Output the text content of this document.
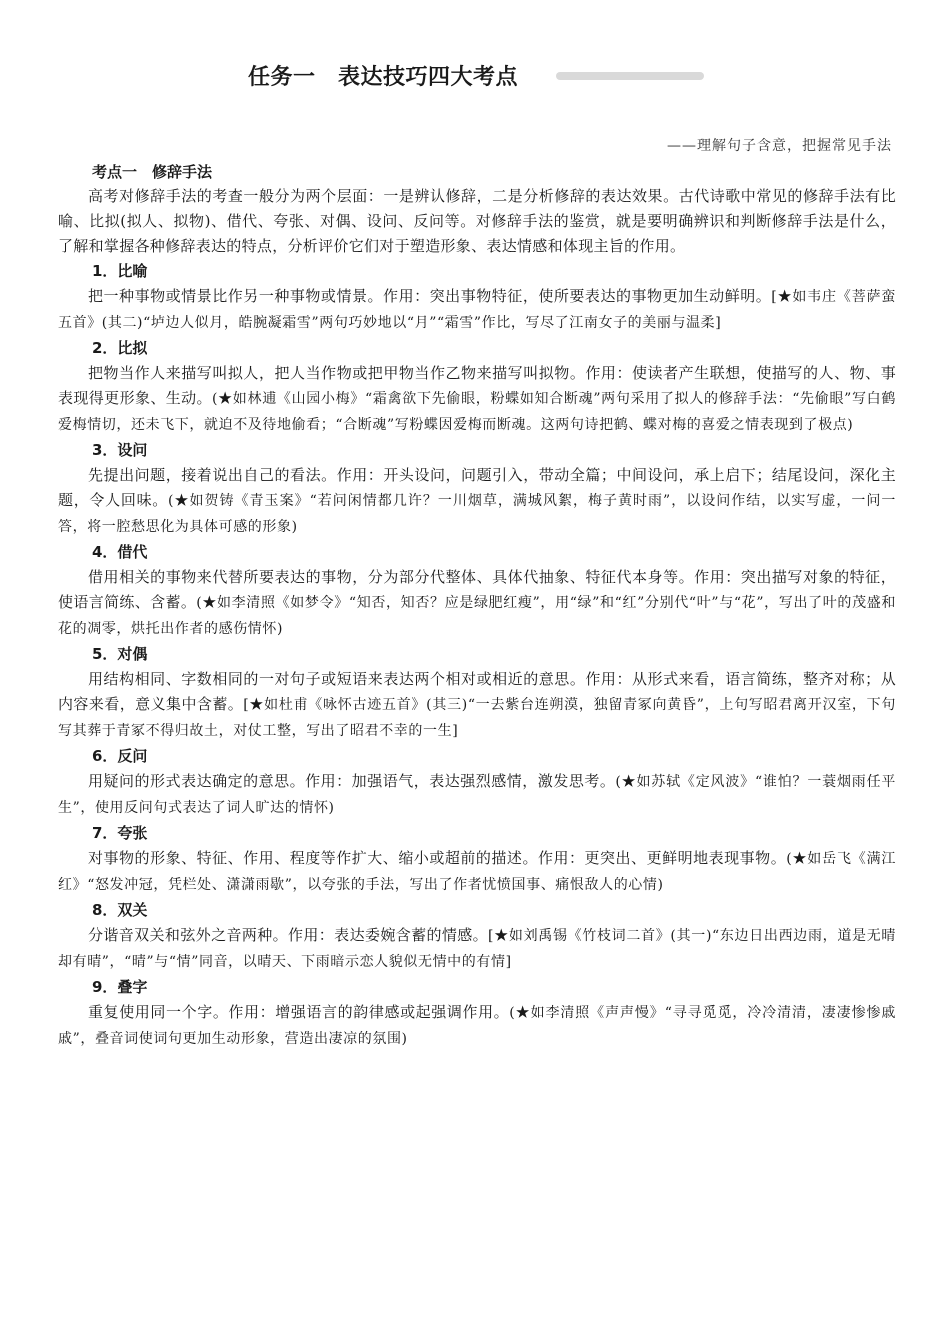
任务一　表达技巧四大考点
——理解句子含意，把握常见手法
考点一　修辞手法

高考对修辞手法的考查一般分为两个层面：一是辨认修辞，二是分析修辞的表达效果。古代诗歌中常见的修辞手法有比喻、比拟(拟人、拟物)、借代、夸张、对偶、设问、反问等。对修辞手法的鉴赏，就是要明确辨识和判断修辞手法是什么，了解和掌握各种修辞表达的特点，分析评价它们对于塑造形象、表达情感和体现主旨的作用。

1．比喻

把一种事物或情景比作另一种事物或情景。作用：突出事物特征，使所要表达的事物更加生动鲜明。[★如韦庄《菩萨蛮五首》(其二)“垆边人似月，皓腕凝霜雪”两句巧妙地以“月”“霜雪”作比，写尽了江南女子的美丽与温柔]

2．比拟

把物当作人来描写叫拟人，把人当作物或把甲物当作乙物来描写叫拟物。作用：使读者产生联想，使描写的人、物、事表现得更形象、生动。(★如林逋《山园小梅》“霜禽欲下先偷眼，粉蝶如知合断魂”两句采用了拟人的修辞手法：“先偷眼”写白鹤爱梅情切，还未飞下，就迫不及待地偷看；“合断魂”写粉蝶因爱梅而断魂。这两句诗把鹤、蝶对梅的喜爱之情表现到了极点)

3．设问

先提出问题，接着说出自己的看法。作用：开头设问，问题引入，带动全篇；中间设问，承上启下；结尾设问，深化主题，令人回味。(★如贺铸《青玉案》“若问闲情都几许？一川烟草，满城风絮，梅子黄时雨”，以设问作结，以实写虚，一问一答，将一腔愁思化为具体可感的形象)

4．借代

借用相关的事物来代替所要表达的事物，分为部分代整体、具体代抽象、特征代本身等。作用：突出描写对象的特征，使语言简练、含蓄。(★如李清照《如梦令》“知否，知否？应是绿肥红瘦”，用“绿”和“红”分别代“叶”与“花”，写出了叶的茂盛和花的凋零，烘托出作者的感伤情怀)

5．对偶

用结构相同、字数相同的一对句子或短语来表达两个相对或相近的意思。作用：从形式来看，语言简练，整齐对称；从内容来看，意义集中含蓄。[★如杜甫《咏怀古迹五首》(其三)“一去紫台连朔漠，独留青冢向黄昏”，上句写昭君离开汉室，下句写其葬于青冢不得归故土，对仗工整，写出了昭君不幸的一生]

6．反问

用疑问的形式表达确定的意思。作用：加强语气，表达强烈感情，激发思考。(★如苏轼《定风波》“谁怕？一蓑烟雨任平生”，使用反问句式表达了词人旷达的情怀)

7．夸张

对事物的形象、特征、作用、程度等作扩大、缩小或超前的描述。作用：更突出、更鲜明地表现事物。(★如岳飞《满江红》“怒发冲冠，凭栏处、潇潇雨歇”，以夸张的手法，写出了作者忧愤国事、痛恨敌人的心情)

8．双关

分谐音双关和弦外之音两种。作用：表达委婉含蓄的情感。[★如刘禹锡《竹枝词二首》(其一)“东边日出西边雨，道是无晴却有晴”，“晴”与“情”同音，以晴天、下雨暗示恋人貌似无情中的有情]

9．叠字

重复使用同一个字。作用：增强语言的韵律感或起强调作用。(★如李清照《声声慢》“寻寻觅觅，冷冷清清，凄凄惨惨戚戚”，叠音词使词句更加生动形象，营造出凄凉的氛围)
